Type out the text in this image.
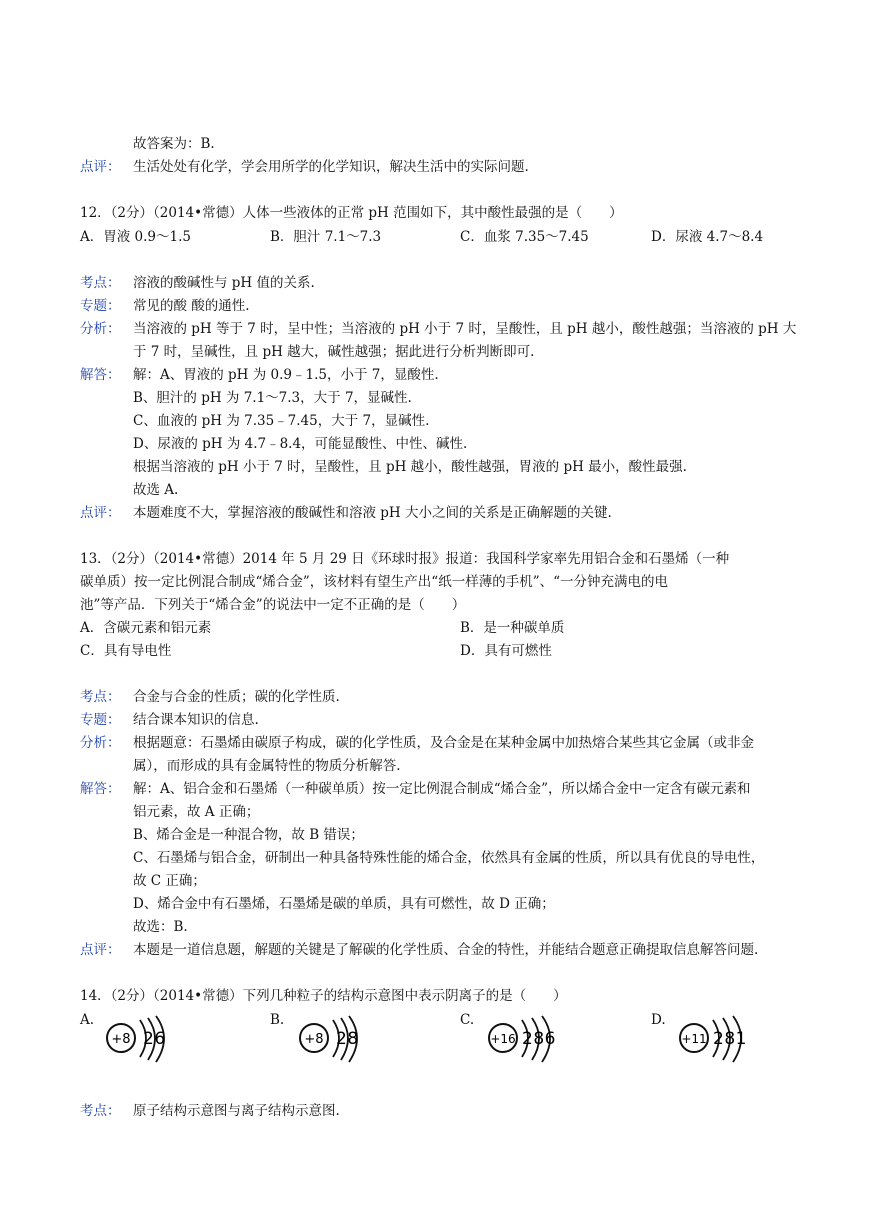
故答案为：B.
点评： 生活处处有化学，学会用所学的化学知识，解决生活中的实际问题.
12．（2分）（2014•常德）人体一些液体的正常 pH 范围如下，其中酸性最强的是（　　）
A．胃液 0.9～1.5	B．胆汁 7.1～7.3	C．血浆 7.35～7.45	D．尿液 4.7～8.4
考点： 溶液的酸碱性与 pH 值的关系.
专题： 常见的酸 酸的通性.
分析： 当溶液的 pH 等于 7 时，呈中性；当溶液的 pH 小于 7 时，呈酸性，且 pH 越小，酸性越强；当溶液的 pH 大
于 7 时，呈碱性，且 pH 越大，碱性越强；据此进行分析判断即可.
解答： 解：A、胃液的 pH 为 0.9﹣1.5，小于 7，显酸性.
B、胆汁的 pH 为 7.1～7.3，大于 7，显碱性.
C、血液的 pH 为 7.35﹣7.45，大于 7，显碱性.
D、尿液的 pH 为 4.7﹣8.4，可能显酸性、中性、碱性.
根据当溶液的 pH 小于 7 时，呈酸性，且 pH 越小，酸性越强，胃液的 pH 最小，酸性最强.
故选 A.
点评： 本题难度不大，掌握溶液的酸碱性和溶液 pH 大小之间的关系是正确解题的关键.
13．（2分）（2014•常德）2014 年 5 月 29 日《环球时报》报道：我国科学家率先用铝合金和石墨烯（一种
碳单质）按一定比例混合制成“烯合金”，该材料有望生产出“纸一样薄的手机”、“一分钟充满电的电
池”等产品．下列关于“烯合金”的说法中一定不正确的是（　　）
A．含碳元素和铝元素	B．是一种碳单质
C．具有导电性	D．具有可燃性
考点： 合金与合金的性质；碳的化学性质.
专题： 结合课本知识的信息.
分析： 根据题意：石墨烯由碳原子构成，碳的化学性质，及合金是在某种金属中加热熔合某些其它金属（或非金
属），而形成的具有金属特性的物质分析解答.
解答： 解：A、铝合金和石墨烯（一种碳单质）按一定比例混合制成“烯合金”，所以烯合金中一定含有碳元素和
铝元素，故 A 正确；
B、烯合金是一种混合物，故 B 错误；
C、石墨烯与铝合金，研制出一种具备特殊性能的烯合金，依然具有金属的性质，所以具有优良的导电性，
故 C 正确；
D、烯合金中有石墨烯，石墨烯是碳的单质，具有可燃性，故 D 正确；
故选：B.
点评： 本题是一道信息题，解题的关键是了解碳的化学性质、合金的特性，并能结合题意正确提取信息解答问题.
14．（2分）（2014•常德）下列几种粒子的结构示意图中表示阴离子的是（　　）
A.	B.	C.	D.
+8 26	+8 28	+16 286	+11 281
考点： 原子结构示意图与离子结构示意图.
